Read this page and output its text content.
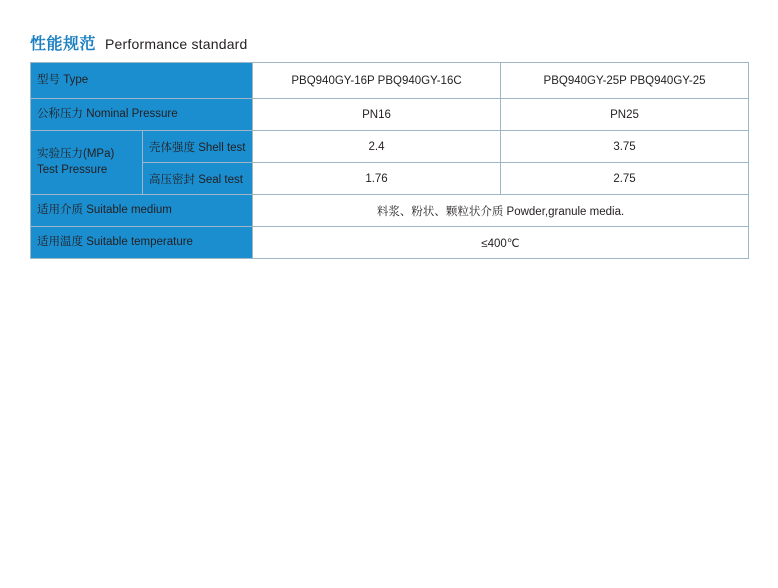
性能规范 Performance standard
型号 Type		PBQ940GY-16P PBQ940GY-16C	PBQ940GY-25P PBQ940GY-25
公称压力 Nominal Pressure		PN16	PN25

实验压力(MPa)
Test Pressure	壳体强度 Shell test	2.4	3.75
	高压密封 Seal test	1.76	2.75
适用介质 Suitable medium		料浆、粉状、颗粒状介质 Powder,granule media.	
适用温度 Suitable temperature		≤400℃	
